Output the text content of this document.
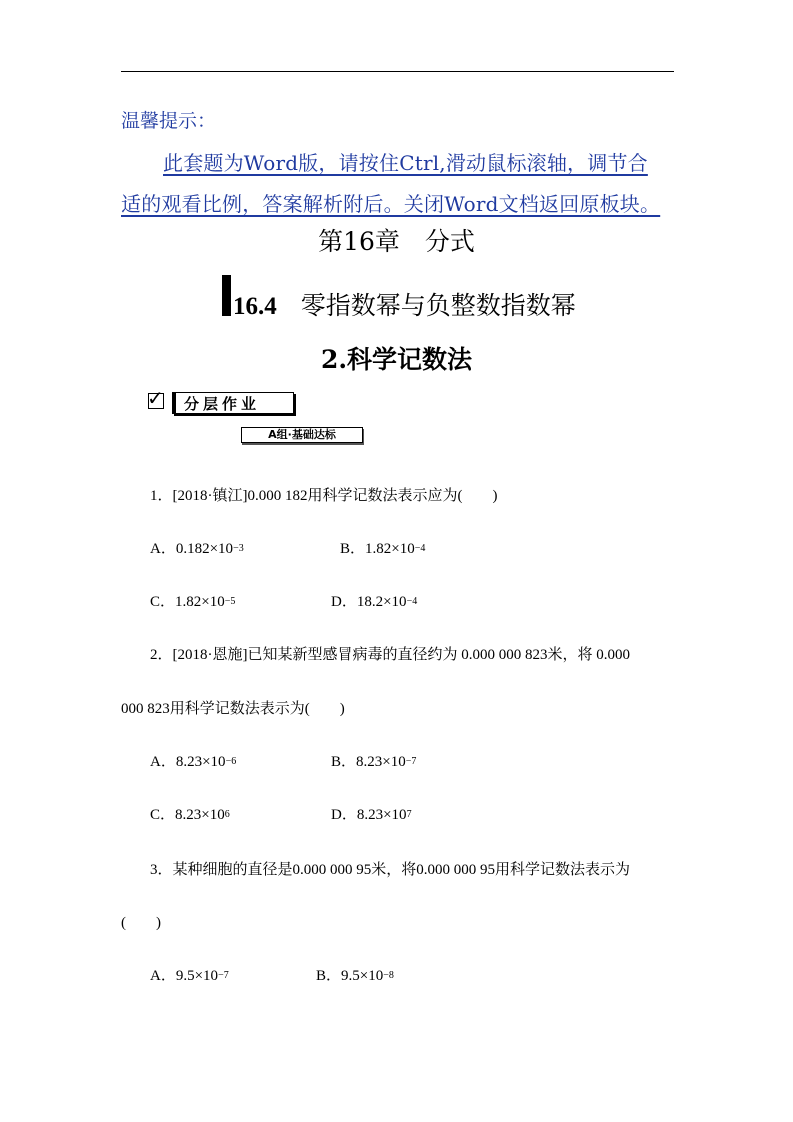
温馨提示：
此套题为Word版，请按住Ctrl,滑动鼠标滚轴，调节合
适的观看比例，答案解析附后。关闭Word文档返回原板块。
第16章　分式
16.4 零指数幂与负整数指数幂
2.科学记数法
✓ 分层作业
A组·基础达标
1．[2018·镇江]0.000 182用科学记数法表示应为(　　)
A．$0.182\times 10^{-3}$	B．$1.82\times 10^{-4}$
C．$1.82\times 10^{-5}$	D．$18.2\times 10^{-4}$
2．[2018·恩施]已知某新型感冒病毒的直径约为 0.000 000 823米，将 0.000
000 823用科学记数法表示为(　　)
A．$8.23\times 10^{-6}$	B．$8.23\times 10^{-7}$
C．$8.23\times 10^6$	D．$8.23\times 10^7$
3．某种细胞的直径是0.000 000 95米，将0.000 000 95用科学记数法表示为
(　　)
A．$9.5\times 10^{-7}$	B．$9.5\times 10^{-8}$
